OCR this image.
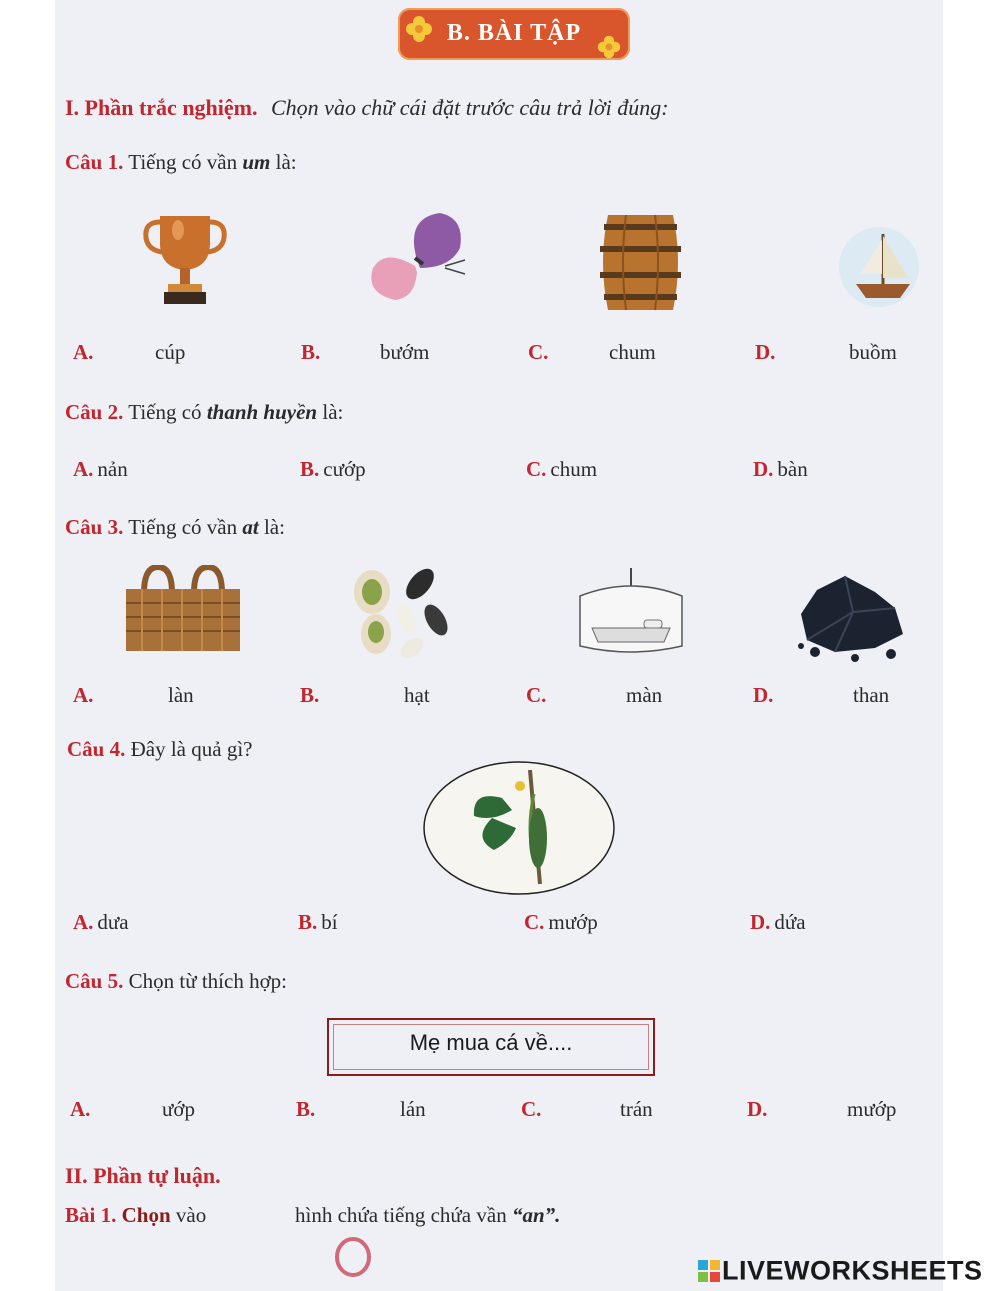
B. BÀI TẬP
I. Phần trắc nghiệm. Chọn vào chữ cái đặt trước câu trả lời đúng:
Câu 1. Tiếng có vần um là:
A.	cúp	B.	bướm	C.	chum	D.	buồm
Câu 2. Tiếng có thanh huyền là:
A. nản	B. cướp	C. chum	D. bàn
Câu 3. Tiếng có vần at là:
A.	làn	B.	hạt	C.	màn	D.	than
Câu 4. Đây là quả gì?
A. dưa	B. bí	C. mướp	D. dứa
Câu 5. Chọn từ thích hợp:
Mẹ mua cá về....
A.	ướp	B.	lán	C.	trán	D.	mướp
II. Phần tự luận.
Bài 1. Chọn vào	hình chứa tiếng chứa vần “an”.
LIVEWORKSHEETS
